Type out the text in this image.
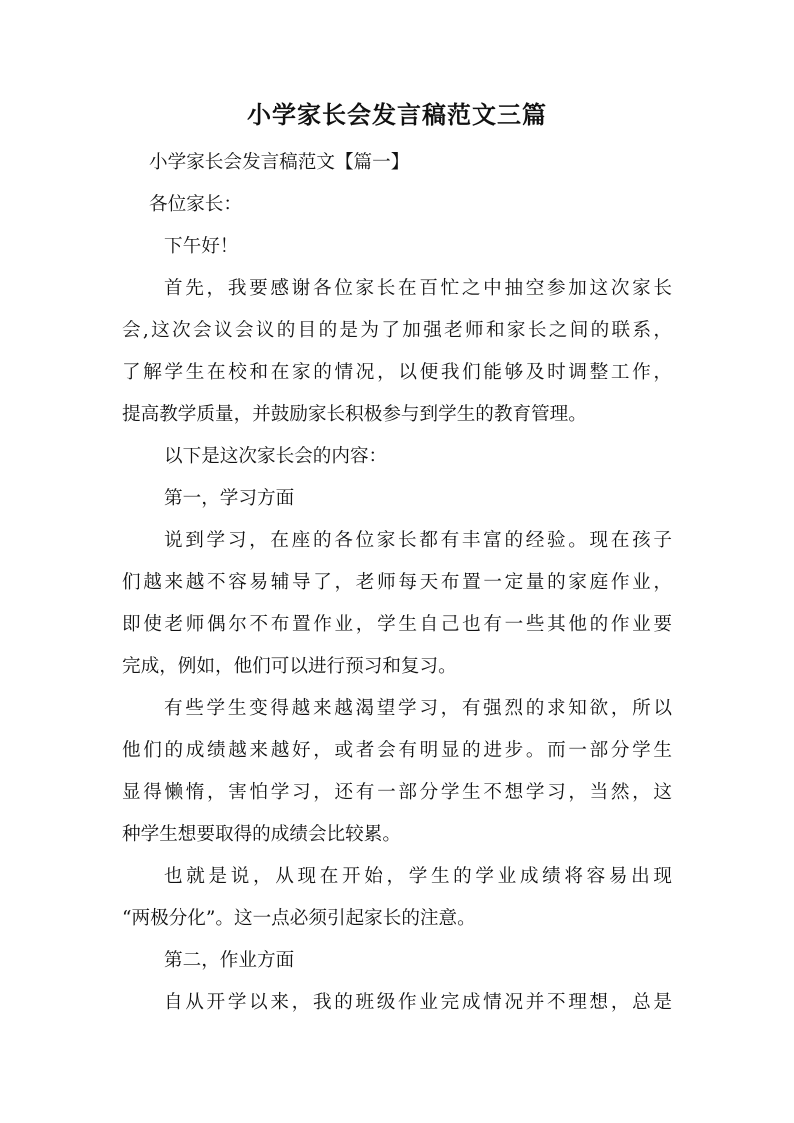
小学家长会发言稿范文三篇
小学家长会发言稿范文【篇一】
各位家长：
下午好！
首先，我要感谢各位家长在百忙之中抽空参加这次家长
会,这次会议会议的目的是为了加强老师和家长之间的联系，
了解学生在校和在家的情况，以便我们能够及时调整工作，
提高教学质量，并鼓励家长积极参与到学生的教育管理。
以下是这次家长会的内容：
第一，学习方面
说到学习，在座的各位家长都有丰富的经验。现在孩子
们越来越不容易辅导了，老师每天布置一定量的家庭作业，
即使老师偶尔不布置作业，学生自己也有一些其他的作业要
完成，例如，他们可以进行预习和复习。
有些学生变得越来越渴望学习，有强烈的求知欲，所以
他们的成绩越来越好，或者会有明显的进步。而一部分学生
显得懒惰，害怕学习，还有一部分学生不想学习，当然，这
种学生想要取得的成绩会比较累。
也就是说，从现在开始，学生的学业成绩将容易出现
“两极分化”。这一点必须引起家长的注意。
第二，作业方面
自从开学以来，我的班级作业完成情况并不理想，总是
